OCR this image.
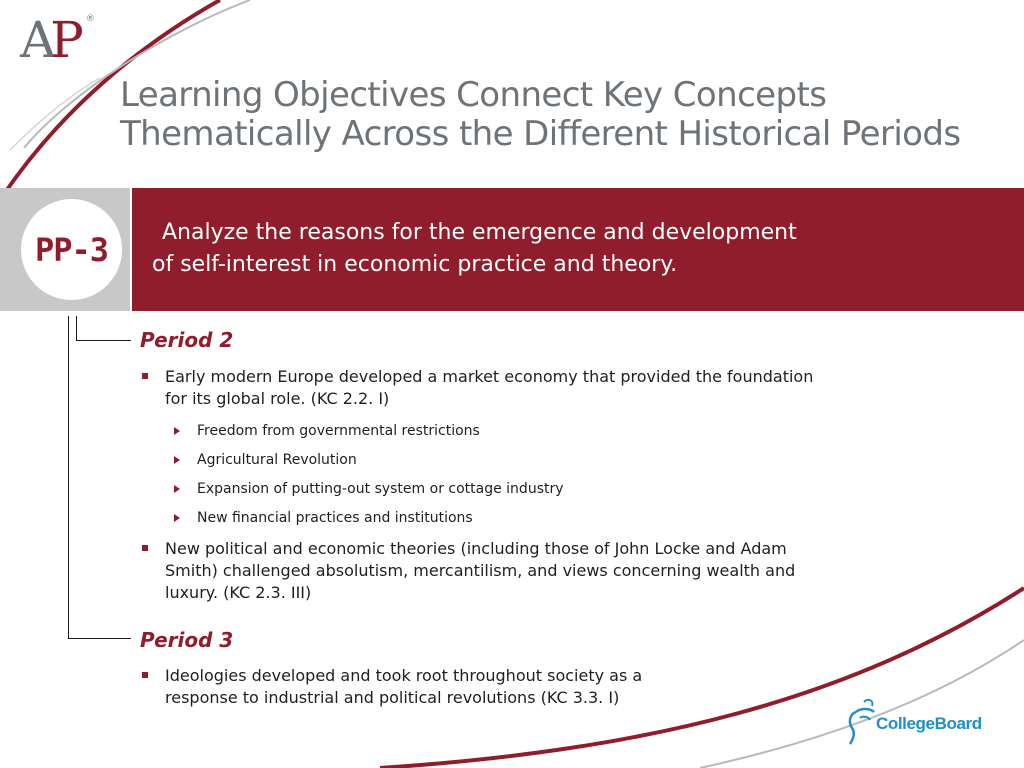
A P ®
Learning Objectives Connect Key Concepts
Thematically Across the Different Historical Periods
PP-3	Analyze the reasons for the emergence and development
of self-interest in economic practice and theory.

Period 2
Early modern Europe developed a market economy that provided the foundation
for its global role. (KC 2.2. I)
Freedom from governmental restrictions
Agricultural Revolution
Expansion of putting-out system or cottage industry
New financial practices and institutions
New political and economic theories (including those of John Locke and Adam
Smith) challenged absolutism, mercantilism, and views concerning wealth and
luxury. (KC 2.3. III)
Period 3
Ideologies developed and took root throughout society as a
response to industrial and political revolutions (KC 3.3. I)
CollegeBoard
